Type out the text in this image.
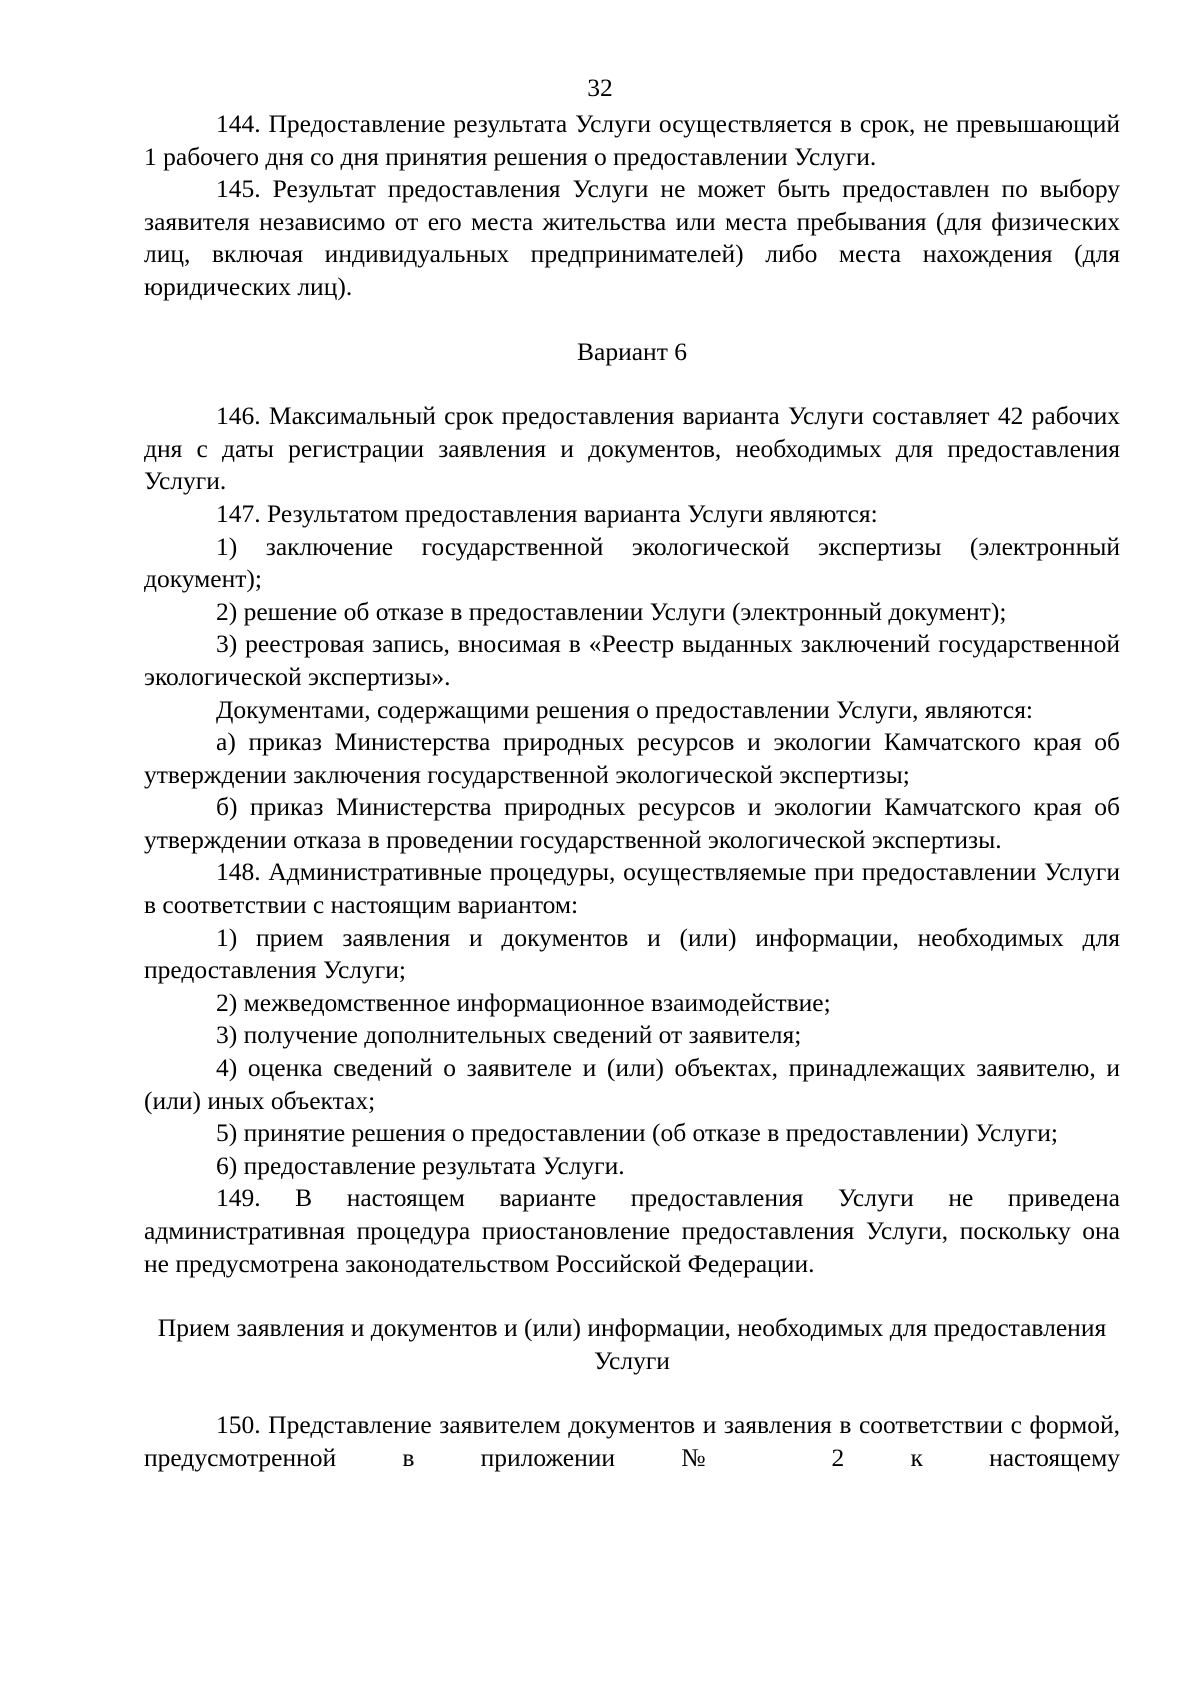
32

144. Предоставление результата Услуги осуществляется в срок, не превышающий 1 рабочего дня со дня принятия решения о предоставлении Услуги.

145. Результат предоставления Услуги не может быть предоставлен по выбору заявителя независимо от его места жительства или места пребывания (для физических лиц, включая индивидуальных предпринимателей) либо места нахождения (для юридических лиц).

Вариант 6

146. Максимальный срок предоставления варианта Услуги составляет 42 рабочих дня с даты регистрации заявления и документов, необходимых для предоставления Услуги.

147. Результатом предоставления варианта Услуги являются:

1) заключение государственной экологической экспертизы (электронный документ);

2) решение об отказе в предоставлении Услуги (электронный документ);

3) реестровая запись, вносимая в «Реестр выданных заключений государственной экологической экспертизы».

Документами, содержащими решения о предоставлении Услуги, являются:

а) приказ Министерства природных ресурсов и экологии Камчатского края об утверждении заключения государственной экологической экспертизы;

б) приказ Министерства природных ресурсов и экологии Камчатского края об утверждении отказа в проведении государственной экологической экспертизы.

148. Административные процедуры, осуществляемые при предоставлении Услуги в соответствии с настоящим вариантом:

1) прием заявления и документов и (или) информации, необходимых для предоставления Услуги;

2) межведомственное информационное взаимодействие;

3) получение дополнительных сведений от заявителя;

4) оценка сведений о заявителе и (или) объектах, принадлежащих заявителю, и (или) иных объектах;

5) принятие решения о предоставлении (об отказе в предоставлении) Услуги;

6) предоставление результата Услуги.

149. В настоящем варианте предоставления Услуги не приведена административная процедура приостановление предоставления Услуги, поскольку она не предусмотрена законодательством Российской Федерации.

Прием заявления и документов и (или) информации, необходимых для предоставления Услуги

150. Представление заявителем документов и заявления в соответствии с формой, предусмотренной в приложении № 2 к настоящему
